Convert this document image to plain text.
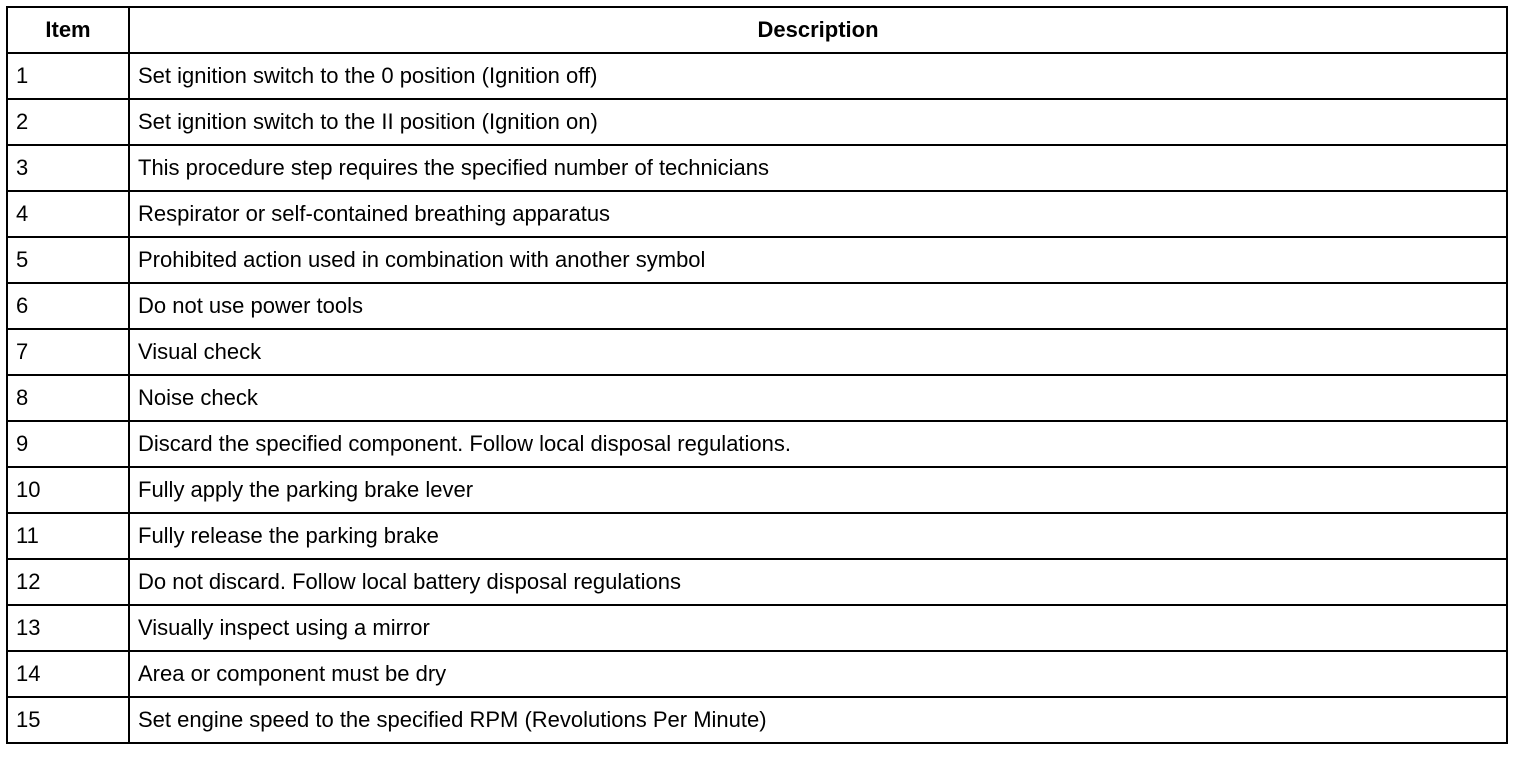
Item	Description
1	Set ignition switch to the 0 position (Ignition off)
2	Set ignition switch to the II position (Ignition on)
3	This procedure step requires the specified number of technicians
4	Respirator or self-contained breathing apparatus
5	Prohibited action used in combination with another symbol
6	Do not use power tools
7	Visual check
8	Noise check
9	Discard the specified component. Follow local disposal regulations.
10	Fully apply the parking brake lever
11	Fully release the parking brake
12	Do not discard. Follow local battery disposal regulations
13	Visually inspect using a mirror
14	Area or component must be dry
15	Set engine speed to the specified RPM (Revolutions Per Minute)
